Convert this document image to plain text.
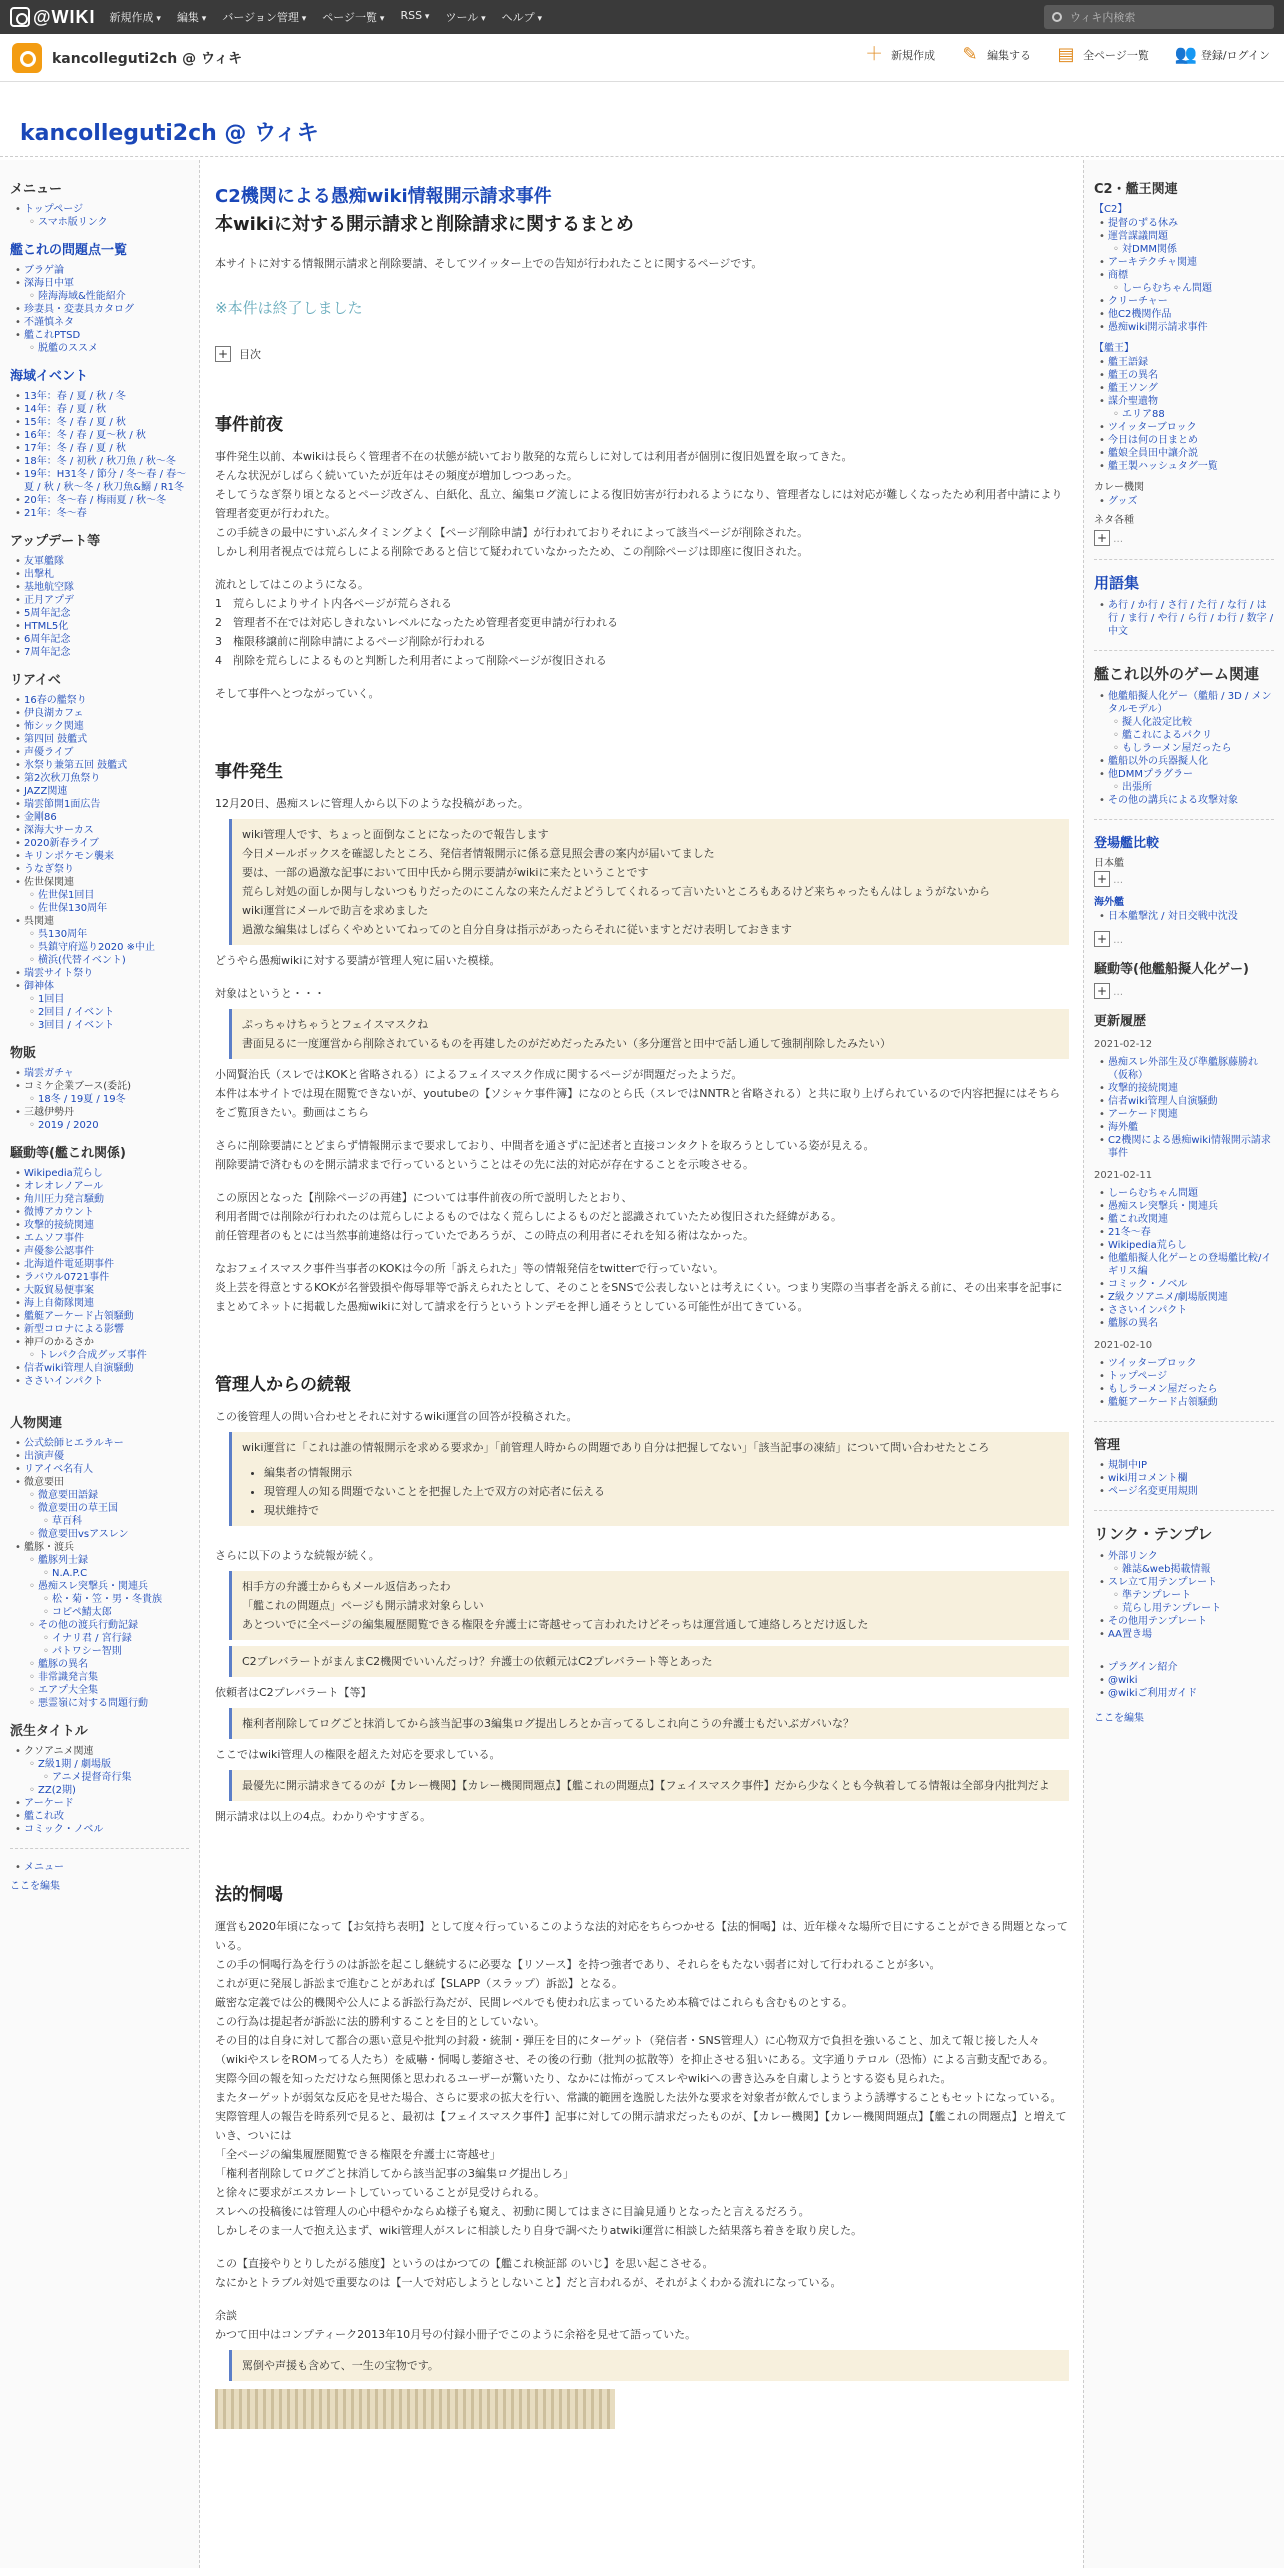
@WIKI 新規作成 ▾	編集 ▾	バージョン管理 ▾	ページ一覧 ▾	RSS ▾	ツール ▾	ヘルプ ▾	ウィキ内検索
kancolleguti2ch @ ウィキ	＋ 新規作成 ✎ 編集する ▤ 全ページ一覧 👥 登録/ログイン
kancolleguti2ch @ ウィキ
メニュー
• トップページ
◦ スマホ版リンク
艦これの問題点一覧
• ブラゲ論
• 深海日中軍
◦ 陸海海域&性能紹介
• 珍妻具・変妻具カタログ
• 不謹慎ネタ
• 艦これPTSD
◦ 脱艦のススメ
海域イベント
• 13年：春 / 夏 / 秋 / 冬
• 14年：春 / 夏 / 秋
• 15年：冬 / 春 / 夏 / 秋
• 16年：冬 / 春 / 夏～秋 / 秋
• 17年：冬 / 春 / 夏 / 秋
• 18年：冬 / 初秋 / 秋刀魚 / 秋～冬
• 19年：H31冬 / 節分 / 冬～春 / 春～夏 / 秋 / 秋～冬 / 秋刀魚&鰯 / R1冬
• 20年：冬～春 / 梅雨夏 / 秋～冬
• 21年：冬～春
アップデート等
• 友軍艦隊
• 出撃札
• 基地航空隊
• 正月アプデ
• 5周年記念
• HTML5化
• 6周年記念
• 7周年記念
リアイベ
• 16春の艦祭り
• 伊良湖カフェ
• 怖シック関連
• 第四回 鼓艦式
• 声優ライブ
• 氷祭り兼第五回 鼓艦式
• 第2次秋刀魚祭り
• JAZZ関連
• 瑞雲節開1面広告
• 金剛86
• 深海大サーカス
• 2020新春ライブ
• キリンポケモン襲来
• うなぎ祭り
• 佐世保関連
◦ 佐世保1回目
◦ 佐世保130周年
• 呉関連
◦ 呉130周年
◦ 呉鎮守府巡り2020 ※中止
◦ 横浜(代替イベント)
• 瑞雲サイト祭り
• 御神体
◦ 1回目
◦ 2回目 / イベント
◦ 3回目 / イベント
物販
• 瑞雲ガチャ
• コミケ企業ブース(委託)
◦ 18冬 / 19夏 / 19冬
• 三越伊勢丹
◦ 2019 / 2020
騒動等(艦これ関係)
• Wikipedia荒らし
• オレオレノアール
• 角川圧力発言騒動
• 微博アカウント
• 攻撃的接続関連
• エムソフ事件
• 声優参公認事件
• 北海道件電延期事件
• ラバウル0721事件
• 大阪貿易便事案
• 海上自衛隊関連
• 艦艇アーケード占領騒動
• 新型コロナによる影響
• 神戸のかるさか
◦ トレパク合成グッズ事件
• 信者wiki管理人自演騒動
• ささいインパクト
人物関連
• 公式絵師ヒエラルキー
• 出演声優
• リアイベ名有人
• 微意要田
◦ 微意要田語録
◦ 微意要田の草王国
◦ 草百科
◦ 微意要田vsアスレン
• 艦豚・渡兵
◦ 艦豚列士録
◦ N.A.P.C
◦ 愚痴スレ突撃兵・関連兵
◦ 松・菊・笠・男・冬貴族
◦ コピペ鯖太郎
◦ その他の渡兵行動記録
◦ イナリ君 / 宮行録
◦ パトワシー智則
◦ 艦豚の異名
◦ 非常識発言集
◦ エアプ大全集
◦ 悪霊嶺に対する問題行動
派生タイトル
• クソアニメ関連
◦ Z級1期 / 劇場版
◦ アニメ提督奇行集
◦ ZZ(2期)
• アーケード
• 艦これ改
• コミック・ノベル
• メニュー
ここを編集
C2機関による愚痴wiki情報開示請求事件
本wikiに対する開示請求と削除請求に関するまとめ
本サイトに対する情報開示請求と削除要請、そしてツイッター上での告知が行われたことに関するページです。
※本件は終了しました
+ 目次
事件前夜
事件発生以前、本wikiは長らく管理者不在の状態が続いており散発的な荒らしに対しては利用者が個別に復旧処置を取ってきた。
そんな状況がしばらく続いていたが近年はその頻度が増加しつつあった。
そしてうなぎ祭り頃となるとページ改ざん、白紙化、乱立、編集ログ流しによる復旧妨害が行われるようになり、管理者なしには対応が難しくなったため利用者中請により管理者変更が行われた。
この手続きの最中にすいぶんタイミングよく【ページ削除申請】が行われておりそれによって該当ページが削除された。
しかし利用者視点では荒らしによる削除であると信じて疑われていなかったため、この削除ページは即座に復旧された。
流れとしてはこのようになる。
1　荒らしによりサイト内各ページが荒らされる
2　管理者不在では対応しきれないレベルになったため管理者変更申請が行われる
3　権限移譲前に削除申請によるページ削除が行われる
4　削除を荒らしによるものと判断した利用者によって削除ページが復旧される
そして事件へとつながっていく。
事件発生
12月20日、愚痴スレに管理人から以下のような投稿があった。
wiki管理人です、ちょっと面倒なことになったので報告します
今日メールボックスを確認したところ、発信者情報開示に係る意見照会書の案内が届いてました
要は、一部の過激な記事において田中氏から開示要請がwikiに来たということです
荒らし対処の面しか関与しないつもりだったのにこんなの来たんだよどうしてくれるって言いたいところもあるけど来ちゃったもんはしょうがないから
wiki運営にメールで助言を求めました
過激な編集はしばらくやめといてねってのと自分自身は指示があったらそれに従いますとだけ表明しておきます
どうやら愚痴wikiに対する要請が管理人宛に届いた模様。
対象はというと・・・
ぷっちゃけちゃうとフェイスマスクね
書面見るに一度運営から削除されているものを再建したのがだめだったみたい（多分運営と田中で話し通して強制削除したみたい）
小岡賢治氏（スレではKOKと省略される）によるフェイスマスク作成に関するページが問題だったようだ。
本件は本サイトでは現在閲覧できないが、youtubeの【ソシャケ事件簿】になのとら氏（スレではNNTRと省略される）と共に取り上げられているので内容把握にはそちらをご覧頂きたい。動画はこちら
さらに削除要請にとどまらず情報開示まで要求しており、中間者を通さずに記述者と直接コンタクトを取ろうとしている姿が見える。
削除要請で済むものを開示請求まで行っているということはその先に法的対応が存在することを示唆させる。
この原因となった【削除ページの再建】については事件前夜の所で説明したとおり、
利用者間では削除が行われたのは荒らしによるものではなく荒らしによるものだと認識されていたため復旧された経緯がある。
前任管理者のもとには当然事前連絡は行っていたであろうが、この時点の利用者にそれを知る術はなかった。
なおフェイスマスク事件当事者のKOKは今の所「訴えられた」等の情報発信をtwitterで行っていない。
炎上芸を得意とするKOKが名誉毀損や侮辱罪等で訴えられたとして、そのことをSNSで公表しないとは考えにくい。つまり実際の当事者を訴える前に、その出来事を記事にまとめてネットに掲載した愚痴wikiに対して請求を行うというトンデモを押し通そうとしている可能性が出てきている。
管理人からの続報
この後管理人の問い合わせとそれに対するwiki運営の回答が投稿された。
wiki運営に「これは誰の情報開示を求める要求か」「前管理人時からの問題であり自分は把握してない」「該当記事の凍結」について問い合わせたところ
• 編集者の情報開示
• 現管理人の知る問題でないことを把握した上で双方の対応者に伝える
• 現状維持で
さらに以下のような続報が続く。
相手方の弁護士からもメール返信あったわ
「艦これの問題点」ページも開示請求対象らしい
あとついでに全ページの編集履歴閲覧できる権限を弁護士に寄越せって言われたけどそっちは運営通して連絡しろとだけ返した
C2プレバラートがまんまC2機関でいいんだっけ？弁護士の依頼元はC2プレバラート等とあった
依頼者はC2プレバラート【等】
権利者削除してログごと抹消してから該当記事の3編集ログ提出しろとか言ってるしこれ向こうの弁護士もだいぶガバいな？
ここではwiki管理人の権限を超えた対応を要求している。
最優先に開示請求きてるのが【カレー機関】【カレー機関問題点】【艦これの問題点】【フェイスマスク事件】だから少なくとも今執着してる情報は全部身内批判だよ
開示請求は以上の4点。わかりやすすぎる。
法的恫喝
運営も2020年頃になって【お気持ち表明】として度々行っているこのような法的対応をちらつかせる【法的恫喝】は、近年様々な場所で目にすることができる問題となっている。
この手の恫喝行為を行うのは訴訟を起こし継続するに必要な【リソース】を持つ強者であり、それらをもたない弱者に対して行われることが多い。
これが更に発展し訴訟まで進むことがあれば【SLAPP（スラップ）訴訟】となる。
厳密な定義では公的機関や公人による訴訟行為だが、民間レベルでも使われ広まっているため本稿ではこれらも含むものとする。
この行為は提起者が訴訟に法的勝利することを目的としていない。
その目的は自身に対して都合の悪い意見や批判の封殺・統制・弾圧を目的にターゲット（発信者・SNS管理人）に心物双方で負担を強いること、加えて報じ接した人々（wikiやスレをROMってる人たち）を威嚇・恫喝し萎縮させ、その後の行動（批判の拡散等）を抑止させる狙いにある。文字通りテロル（恐怖）による言動支配である。
実際今回の報を知っただけなら無関係と思われるユーザーが驚いたり、なかには怖がってスレやwikiへの書き込みを自粛しようとする姿も見られた。
またターゲットが弱気な反応を見せた場合、さらに要求の拡大を行い、常識的範囲を逸脱した法外な要求を対象者が飲んでしまうよう誘導することもセットになっている。
実際管理人の報告を時系列で見ると、最初は【フェイスマスク事件】記事に対しての開示請求だったものが、【カレー機関】【カレー機関問題点】【艦これの問題点】と増えていき、ついには
「全ページの編集履歴閲覧できる権限を弁護士に寄越せ」
「権利者削除してログごと抹消してから該当記事の3編集ログ提出しろ」
と徐々に要求がエスカレートしていっていることが見受けられる。
スレへの投稿後には管理人の心中穏やかならぬ様子も窺え、初動に関してはまさに目論見通りとなったと言えるだろう。
しかしそのま一人で抱え込まず、wiki管理人がスレに相談したり自身で調べたりatwiki運営に相談した結果落ち着きを取り戻した。
この【直接やりとりしたがる態度】というのはかつての【艦これ検証部 のいじ】を思い起こさせる。
なにかとトラブル対処で重要なのは【一人で対応しようとしないこと】だと言われるが、それがよくわかる流れになっている。
余談
かつて田中はコンプティーク2013年10月号の付録小冊子でこのように余裕を見せて語っていた。
罵倒や声援も含めて、一生の宝物です。
C2・艦王関連
【C2】
• 提督のずる休み
• 運営謀議問題
◦ 対DMM関係
• アーキテクチャ関連
• 商標
◦ しーらむちゃん問題
• クリーチャー
• 他C2機関作品
• 愚痴wiki開示請求事件
【艦王】
• 艦王語録
• 艦王の異名
• 艦王ソング
• 謀介聖遺物
◦ エリア88
• ツイッターブロック
• 今日は何の日まとめ
• 艦娘全員田中讓介説
• 艦王製ハッシュタグ一覧
カレー機関
• グッズ
ネタ各種
+ …
用語集
• あ行 / か行 / さ行 / た行 / な行 / は行 / ま行 / や行 / ら行 / わ行 / 数字 / 中文
艦これ以外のゲーム関連
• 他艦船擬人化ゲー（艦船 / 3D / メンタルモデル）
◦ 擬人化設定比較
◦ 艦これによるパクリ
◦ もしラーメン屋だったら
• 艦船以外の兵器擬人化
• 他DMMプラグラー
◦ 出張所
• その他の講兵による攻撃対象
登場艦比較
日本艦
+ …
海外艦
• 日本艦撃沈 / 対日交戦中沈没
+ …
騒動等(他艦船擬人化ゲー)
+ …
更新履歴
2021-02-12
• 愚痴スレ外部生及び準艦豚藤勝れ（仮称）
• 攻撃的接続関連
• 信者wiki管理人自演騒動
• アーケード関連
• 海外艦
• C2機関による愚痴wiki情報開示請求事件
2021-02-11
• しーらむちゃん問題
• 愚痴スレ突撃兵・関連兵
• 艦これ改関連
• 21冬～春
• Wikipedia荒らし
• 他艦船擬人化ゲーとの登場艦比較/イギリス編
• コミック・ノベル
• Z級クソアニメ/劇場版関連
• ささいインパクト
• 艦豚の異名
2021-02-10
• ツイッターブロック
• トップページ
• もしラーメン屋だったら
• 艦艇アーケード占領騒動
管理
• 規制中IP
• wiki用コメント欄
• ページ名変更用規則
リンク・テンプレ
• 外部リンク
◦ 雑誌&web掲載情報
• スレ立て用テンプレート
◦ 準テンプレート
◦ 荒らし用テンプレート
• その他用テンプレート
• AA置き場
• プラグイン紹介
• @wiki
• @wikiご利用ガイド
ここを編集
